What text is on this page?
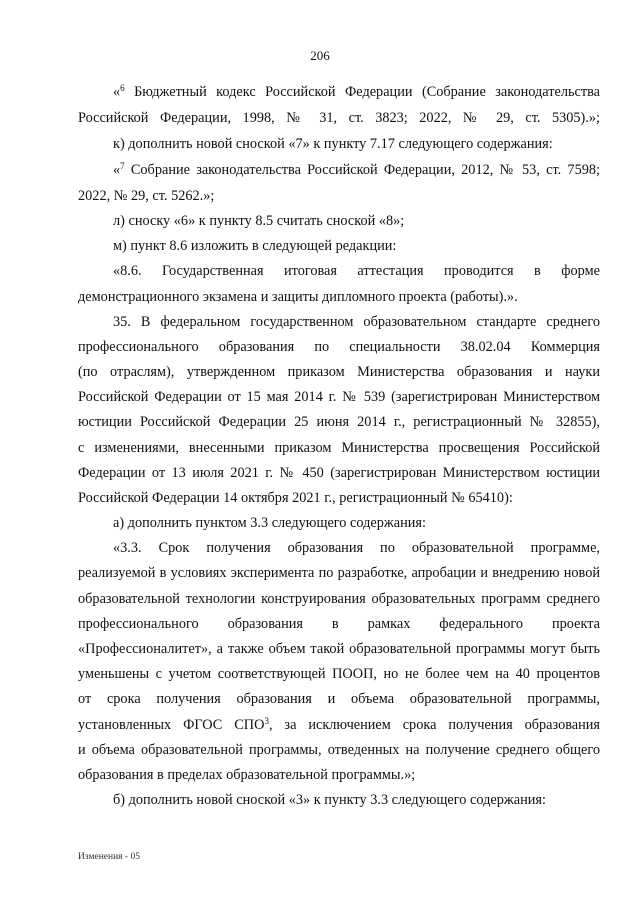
206
«$^6$ Бюджетный кодекс Российской Федерации (Собрание законодательства
Российской Федерации, 1998, № 31, ст. 3823; 2022, № 29, ст. 5305).»;
к) дополнить новой сноской «7» к пункту 7.17 следующего содержания:
«$^7$ Собрание законодательства Российской Федерации, 2012, № 53, ст. 7598;
2022, № 29, ст. 5262.»;
л) сноску «6» к пункту 8.5 считать сноской «8»;
м) пункт 8.6 изложить в следующей редакции:
«8.6. Государственная итоговая аттестация проводится в форме
демонстрационного экзамена и защиты дипломного проекта (работы).».
35. В федеральном государственном образовательном стандарте среднего
профессионального образования по специальности 38.02.04 Коммерция
(по отраслям), утвержденном приказом Министерства образования и науки
Российской Федерации от 15 мая 2014 г. № 539 (зарегистрирован Министерством
юстиции Российской Федерации 25 июня 2014 г., регистрационный № 32855),
с изменениями, внесенными приказом Министерства просвещения Российской
Федерации от 13 июля 2021 г. № 450 (зарегистрирован Министерством юстиции
Российской Федерации 14 октября 2021 г., регистрационный № 65410):
а) дополнить пунктом 3.3 следующего содержания:
«3.3. Срок получения образования по образовательной программе,
реализуемой в условиях эксперимента по разработке, апробации и внедрению новой
образовательной технологии конструирования образовательных программ среднего
профессионального образования в рамках федерального проекта
«Профессионалитет», а также объем такой образовательной программы могут быть
уменьшены с учетом соответствующей ПООП, но не более чем на 40 процентов
от срока получения образования и объема образовательной программы,
установленных ФГОС СПО$^3$, за исключением срока получения образования
и объема образовательной программы, отведенных на получение среднего общего
образования в пределах образовательной программы.»;
б) дополнить новой сноской «3» к пункту 3.3 следующего содержания:
Изменения - 05
